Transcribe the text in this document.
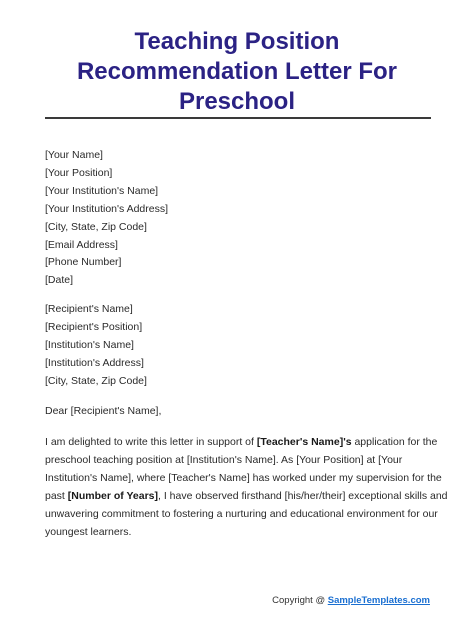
Teaching Position
Recommendation Letter For
Preschool
[Your Name]
[Your Position]
[Your Institution's Name]
[Your Institution's Address]
[City, State, Zip Code]
[Email Address]
[Phone Number]
[Date]
[Recipient's Name]
[Recipient's Position]
[Institution's Name]
[Institution's Address]
[City, State, Zip Code]
Dear [Recipient's Name],
I am delighted to write this letter in support of [Teacher's Name]'s application for the
preschool teaching position at [Institution's Name]. As [Your Position] at [Your
Institution's Name], where [Teacher's Name] has worked under my supervision for the
past [Number of Years], I have observed firsthand [his/her/their] exceptional skills and
unwavering commitment to fostering a nurturing and educational environment for our
youngest learners.
Copyright @ SampleTemplates.com
